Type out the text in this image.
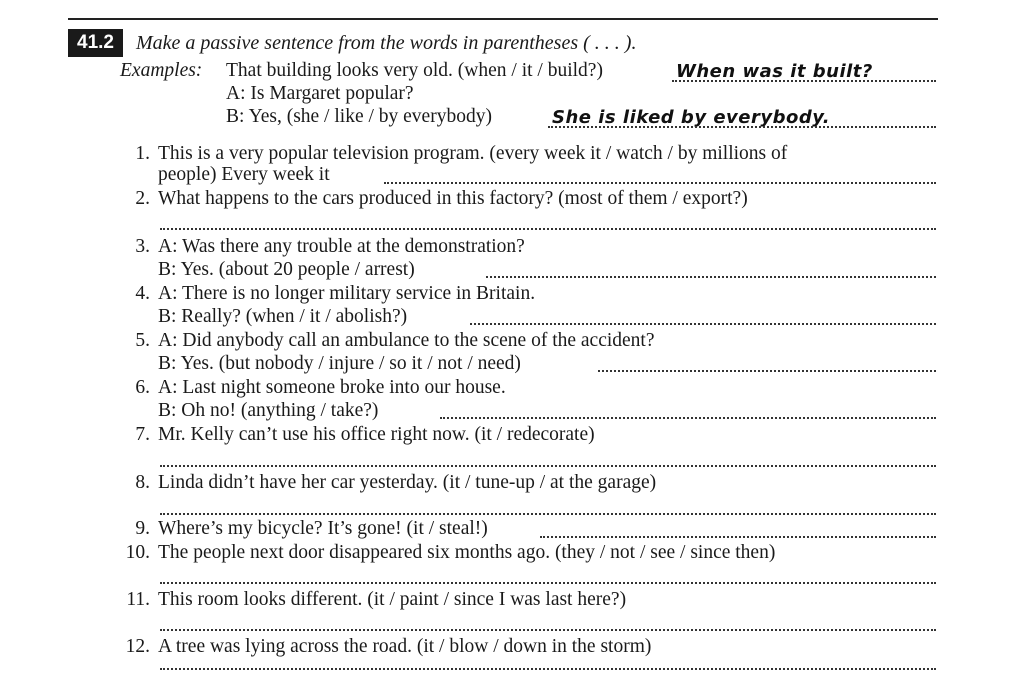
41.2	Make a passive sentence from the words in parentheses ( . . . ).
Examples: That building looks very old. (when / it / build?)	When was it built?
A: Is Margaret popular?
B: Yes, (she / like / by everybody)	She is liked by everybody.
1. This is a very popular television program. (every week it / watch / by millions of
people) Every week it
2. What happens to the cars produced in this factory? (most of them / export?)
3. A: Was there any trouble at the demonstration?
B: Yes. (about 20 people / arrest)
4. A: There is no longer military service in Britain.
B: Really? (when / it / abolish?)
5. A: Did anybody call an ambulance to the scene of the accident?
B: Yes. (but nobody / injure / so it / not / need)
6. A: Last night someone broke into our house.
B: Oh no! (anything / take?)
7. Mr. Kelly can’t use his office right now. (it / redecorate)
8. Linda didn’t have her car yesterday. (it / tune-up / at the garage)
9. Where’s my bicycle? It’s gone! (it / steal!)
10. The people next door disappeared six months ago. (they / not / see / since then)
11. This room looks different. (it / paint / since I was last here?)
12. A tree was lying across the road. (it / blow / down in the storm)
